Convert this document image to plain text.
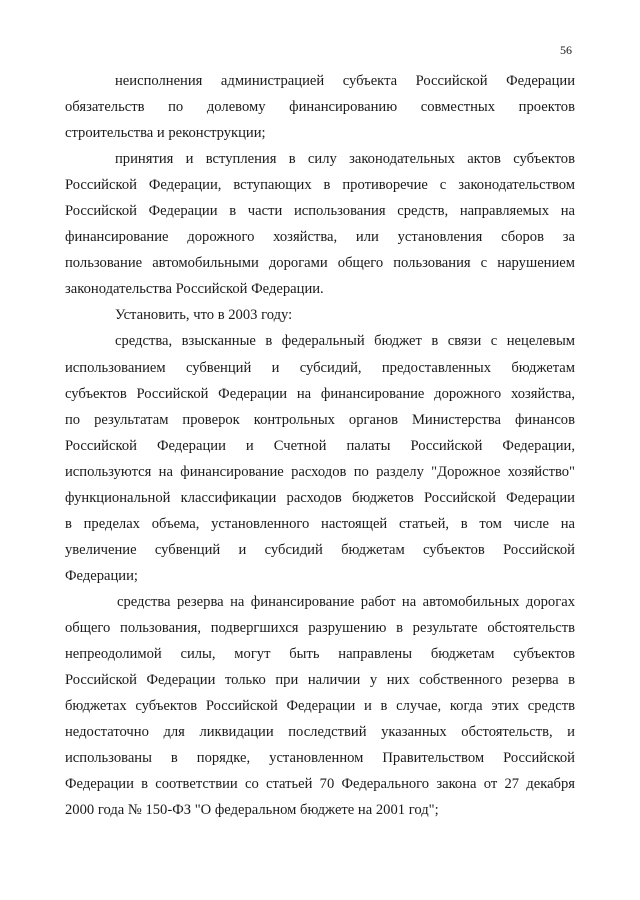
56
неисполнения администрацией субъекта Российской Федерации
обязательств по долевому финансированию совместных проектов
строительства и реконструкции;
принятия и вступления в силу законодательных актов субъектов
Российской Федерации, вступающих в противоречие с законодательством
Российской Федерации в части использования средств, направляемых на
финансирование дорожного хозяйства, или установления сборов за
пользование автомобильными дорогами общего пользования с нарушением
законодательства Российской Федерации.
Установить, что в 2003 году:
средства, взысканные в федеральный бюджет в связи с нецелевым
использованием субвенций и субсидий, предоставленных бюджетам
субъектов Российской Федерации на финансирование дорожного хозяйства,
по результатам проверок контрольных органов Министерства финансов
Российской Федерации и Счетной палаты Российской Федерации,
используются на финансирование расходов по разделу "Дорожное хозяйство"
функциональной классификации расходов бюджетов Российской Федерации
в пределах объема, установленного настоящей статьей, в том числе на
увеличение субвенций и субсидий бюджетам субъектов Российской
Федерации;
средства резерва на финансирование работ на автомобильных дорогах
общего пользования, подвергшихся разрушению в результате обстоятельств
непреодолимой силы, могут быть направлены бюджетам субъектов
Российской Федерации только при наличии у них собственного резерва в
бюджетах субъектов Российской Федерации и в случае, когда этих средств
недостаточно для ликвидации последствий указанных обстоятельств, и
использованы в порядке, установленном Правительством Российской
Федерации в соответствии со статьей 70 Федерального закона от 27 декабря
2000 года № 150-ФЗ "О федеральном бюджете на 2001 год";
